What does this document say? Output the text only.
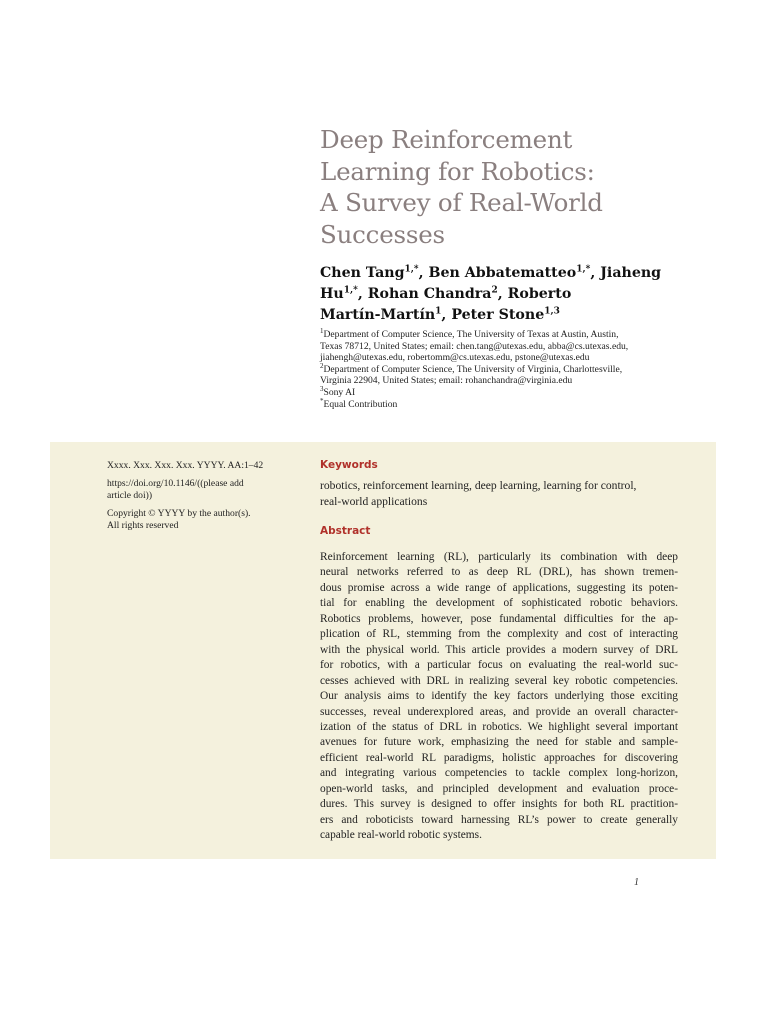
Deep Reinforcement
Learning for Robotics:
A Survey of Real-World
Successes
Chen Tang$^{1,*}$, Ben Abbatematteo$^{1,*}$, Jiaheng
$Hu^{1,*}$, Rohan Chandra$^2$, Roberto
Martín-Martín$^1$, Peter Stone$^{1,3}$
$^1$Department of Computer Science, The University of Texas at Austin, Austin,
Texas 78712, United States; email: chen.tang@utexas.edu, abba@cs.utexas.edu,
jiahengh@utexas.edu, robertomm@cs.utexas.edu, pstone@utexas.edu
$^2$Department of Computer Science, The University of Virginia, Charlottesville,
Virginia 22904, United States; email: rohanchandra@virginia.edu
$^3$Sony AI
*Equal Contribution
Xxxx. Xxx. Xxx. Xxx. YYYY. AA:1–42
https://doi.org/10.1146/((please add
article doi))
Copyright © YYYY by the author(s).
All rights reserved
Keywords
robotics, reinforcement learning, deep learning, learning for control,
real-world applications
Abstract
Reinforcement learning (RL), particularly its combination with deep
neural networks referred to as deep RL (DRL), has shown tremen-
dous promise across a wide range of applications, suggesting its poten-
tial for enabling the development of sophisticated robotic behaviors.
Robotics problems, however, pose fundamental difficulties for the ap-
plication of RL, stemming from the complexity and cost of interacting
with the physical world. This article provides a modern survey of DRL
for robotics, with a particular focus on evaluating the real-world suc-
cesses achieved with DRL in realizing several key robotic competencies.
Our analysis aims to identify the key factors underlying those exciting
successes, reveal underexplored areas, and provide an overall character-
ization of the status of DRL in robotics. We highlight several important
avenues for future work, emphasizing the need for stable and sample-
efficient real-world RL paradigms, holistic approaches for discovering
and integrating various competencies to tackle complex long-horizon,
open-world tasks, and principled development and evaluation proce-
dures. This survey is designed to offer insights for both RL practition-
ers and roboticists toward harnessing RL’s power to create generally
capable real-world robotic systems.
1
